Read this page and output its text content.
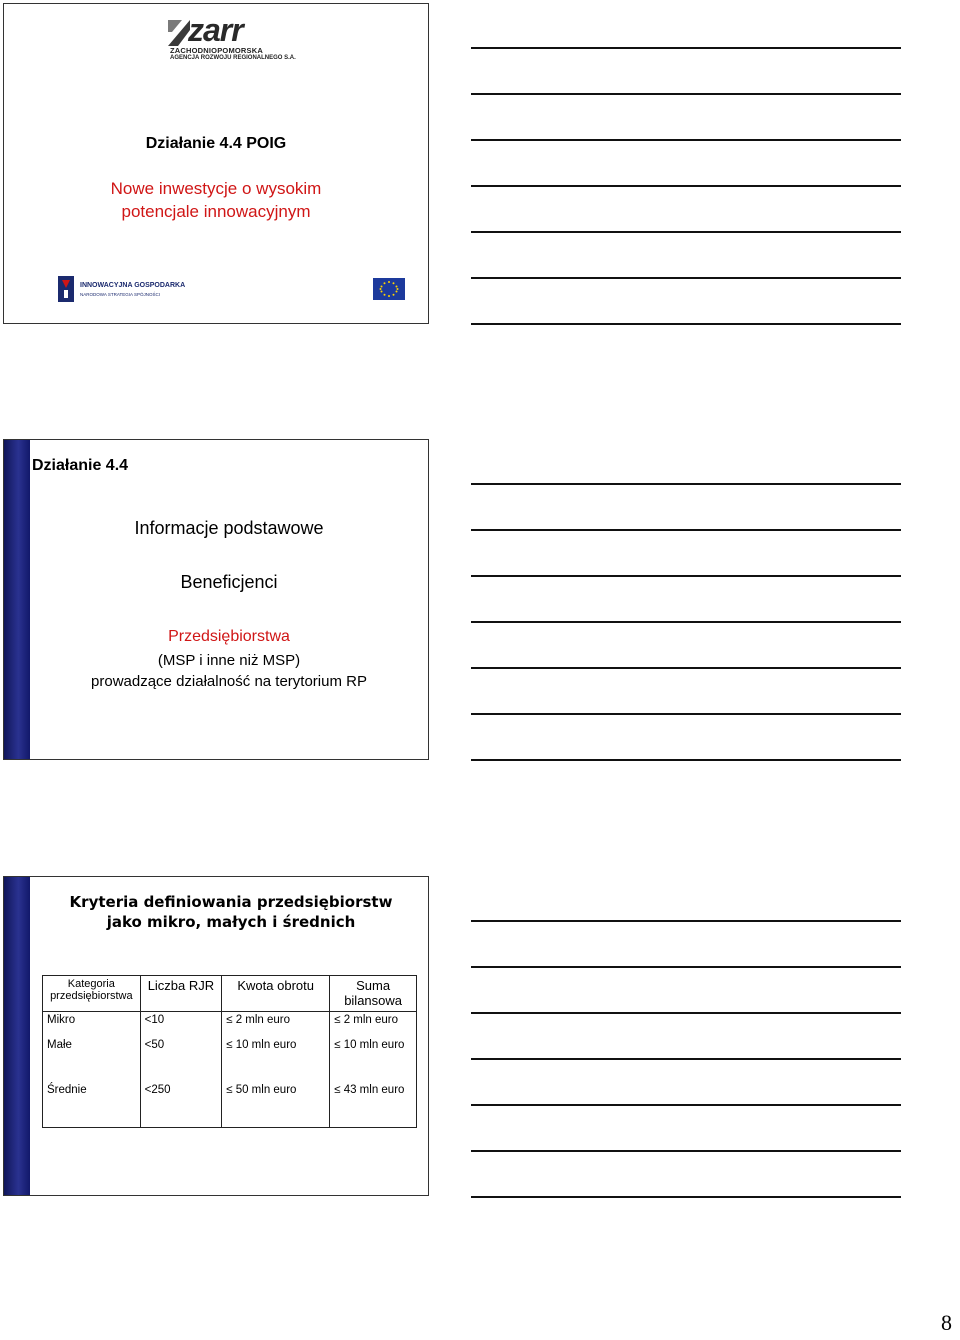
zarr
ZACHODNIOPOMORSKA
AGENCJA ROZWOJU REGIONALNEGO S.A.
Działanie 4.4 POIG
Nowe inwestycje o wysokim
potencjale innowacyjnym
INNOWACYJNA GOSPODARKA
NARODOWA STRATEGIA SPÓJNOŚCI
Działanie 4.4
Informacje podstawowe
Beneficjenci
Przedsiębiorstwa
(MSP i inne niż MSP)
prowadzące działalność na terytorium RP
Kryteria definiowania przedsiębiorstw
jako mikro, małych i średnich
Kategoria przedsiębiorstwa	Liczba RJR	Kwota obrotu	Suma bilansowa
Mikro	<10	≤ 2 mln euro	≤ 2 mln euro
Małe	<50	≤ 10 mln euro	≤ 10 mln euro
Średnie	<250	≤ 50 mln euro	≤ 43 mln euro
8
